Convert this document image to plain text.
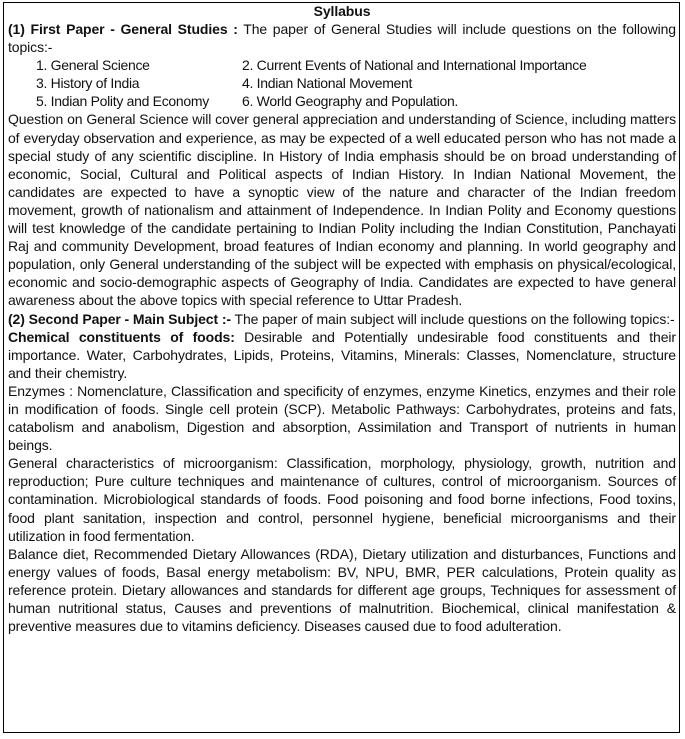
Syllabus

(1) First Paper - General Studies : The paper of General Studies will include questions on the following topics:-

1. General Science	2. Current Events of National and International Importance
3. History of India	4. Indian National Movement
5. Indian Polity and Economy	6. World Geography and Population.

Question on General Science will cover general appreciation and understanding of Science, including matters of everyday observation and experience, as may be expected of a well educated person who has not made a special study of any scientific discipline. In History of India emphasis should be on broad understanding of economic, Social, Cultural and Political aspects of Indian History. In Indian National Movement, the candidates are expected to have a synoptic view of the nature and character of the Indian freedom movement, growth of nationalism and attainment of Independence. In Indian Polity and Economy questions will test knowledge of the candidate pertaining to Indian Polity including the Indian Constitution, Panchayati Raj and community Development, broad features of Indian economy and planning. In world geography and population, only General understanding of the subject will be expected with emphasis on physical/ecological, economic and socio-demographic aspects of Geography of India. Candidates are expected to have general awareness about the above topics with special reference to Uttar Pradesh.

(2) Second Paper - Main Subject :- The paper of main subject will include questions on the following topics:-

Chemical constituents of foods: Desirable and Potentially undesirable food constituents and their importance. Water, Carbohydrates, Lipids, Proteins, Vitamins, Minerals: Classes, Nomenclature, structure and their chemistry.

Enzymes : Nomenclature, Classification and specificity of enzymes, enzyme Kinetics, enzymes and their role in modification of foods. Single cell protein (SCP). Metabolic Pathways: Carbohydrates, proteins and fats, catabolism and anabolism, Digestion and absorption, Assimilation and Transport of nutrients in human beings.

General characteristics of microorganism: Classification, morphology, physiology, growth, nutrition and reproduction; Pure culture techniques and maintenance of cultures, control of microorganism. Sources of contamination. Microbiological standards of foods. Food poisoning and food borne infections, Food toxins, food plant sanitation, inspection and control, personnel hygiene, beneficial microorganisms and their utilization in food fermentation.

Balance diet, Recommended Dietary Allowances (RDA), Dietary utilization and disturbances, Functions and energy values of foods, Basal energy metabolism: BV, NPU, BMR, PER calculations, Protein quality as reference protein. Dietary allowances and standards for different age groups, Techniques for assessment of human nutritional status, Causes and preventions of malnutrition. Biochemical, clinical manifestation & preventive measures due to vitamins deficiency. Diseases caused due to food adulteration.
